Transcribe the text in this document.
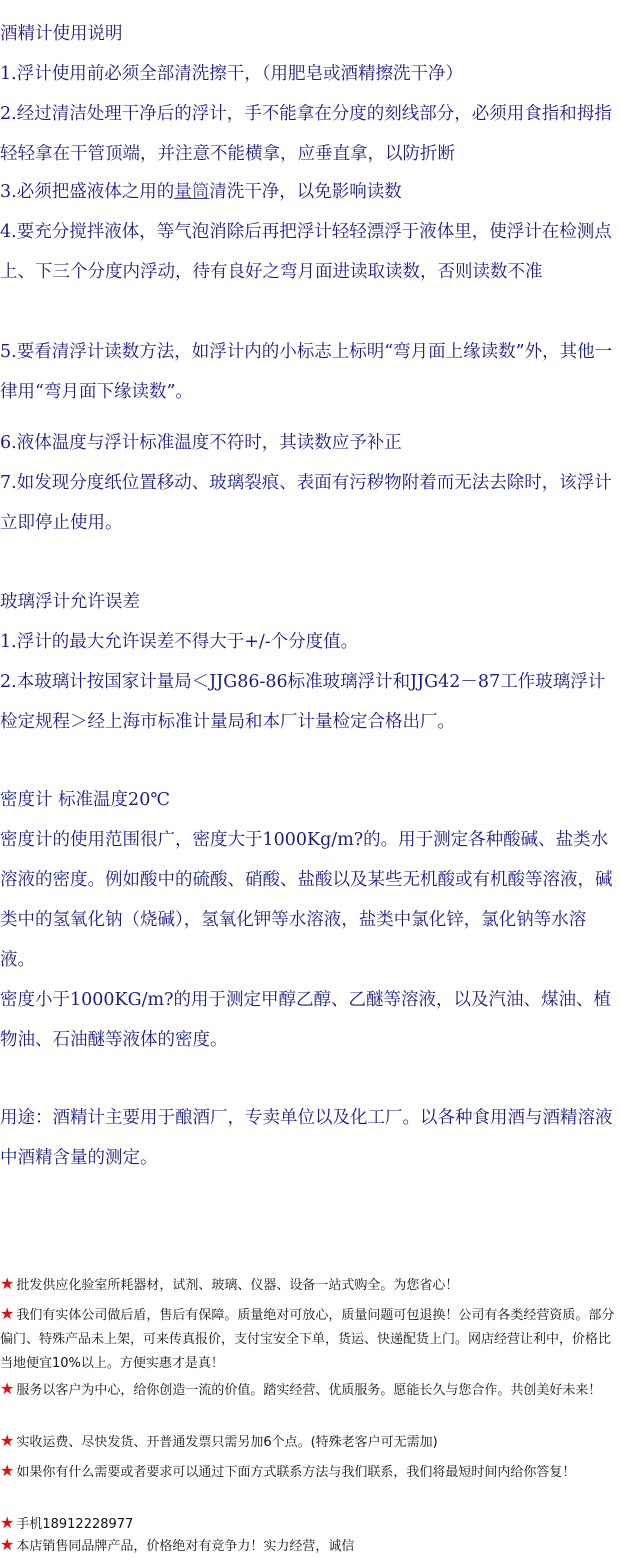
酒精计使用说明
1.浮计使用前必须全部清洗擦干，（用肥皂或酒精擦洗干净）
2.经过清洁处理干净后的浮计，手不能拿在分度的刻线部分，必须用食指和拇指轻轻拿在干管顶端，并注意不能横拿，应垂直拿，以防折断
3.必须把盛液体之用的量筒清洗干净，以免影响读数
4.要充分搅拌液体，等气泡消除后再把浮计轻轻漂浮于液体里，使浮计在检测点上、下三个分度内浮动，待有良好之弯月面进读取读数，否则读数不准
5.要看清浮计读数方法，如浮计内的小标志上标明“弯月面上缘读数”外，其他一律用“弯月面下缘读数”。
6.液体温度与浮计标准温度不符时，其读数应予补正
7.如发现分度纸位置移动、玻璃裂痕、表面有污秽物附着而无法去除时，该浮计立即停止使用。
玻璃浮计允许误差
1.浮计的最大允许误差不得大于+/-个分度值。
2.本玻璃计按国家计量局＜JJG86-86标准玻璃浮计和JJG42－87工作玻璃浮计检定规程＞经上海市标准计量局和本厂计量检定合格出厂。
密度计 标准温度20℃
密度计的使用范围很广，密度大于1000Kg/m?的。用于测定各种酸碱、盐类水溶液的密度。例如酸中的硫酸、硝酸、盐酸以及某些无机酸或有机酸等溶液，碱类中的氢氧化钠（烧碱），氢氧化钾等水溶液，盐类中氯化锌，氯化钠等水溶液。
密度小于1000KG/m?的用于测定甲醇乙醇、乙醚等溶液，以及汽油、煤油、植物油、石油醚等液体的密度。
用途：酒精计主要用于酿酒厂，专卖单位以及化工厂。以各种食用酒与酒精溶液中酒精含量的测定。
★ 批发供应化验室所耗器材，试剂、玻璃、仪器、设备一站式购全。为您省心！
★ 我们有实体公司做后盾，售后有保障。质量绝对可放心，质量问题可包退换！公司有各类经营资质。部分偏门、特殊产品未上架，可来传真报价，支付宝安全下单，货运、快递配货上门。网店经营让利中，价格比当地便宜10%以上。方便实惠才是真！
★ 服务以客户为中心，给你创造一流的价值。踏实经营、优质服务。愿能长久与您合作。共创美好未来！
★ 实收运费、尽快发货、开普通发票只需另加6个点。(特殊老客户可无需加)
★ 如果你有什么需要或者要求可以通过下面方式联系方法与我们联系，我们将最短时间内给你答复！
★ 手机18912228977
★ 本店销售同品牌产品，价格绝对有竞争力！实力经营，诚信
